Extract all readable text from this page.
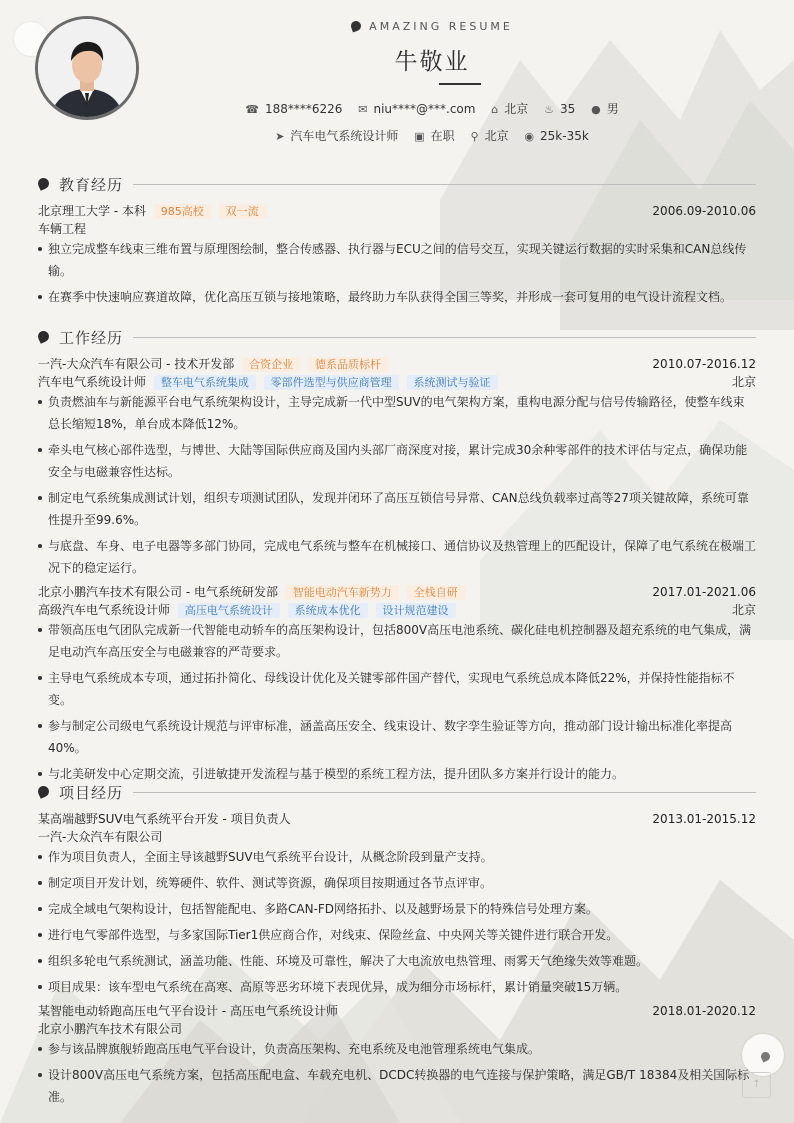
AMAZING RESUME
牛敬业
☎ 188****6226 ✉ niu****@***.com ⌂ 北京 ♨ 35 ● 男
➤ 汽车电气系统设计师 ▣ 在职 ⚲ 北京 ◉ 25k-35k
教育经历
北京理工大学 - 本科 985高校 双一流	2006.09-2010.06
车辆工程
独立完成整车线束三维布置与原理图绘制，整合传感器、执行器与ECU之间的信号交互，实现关键运行数据的实时采集和CAN总线传输。
在赛季中快速响应赛道故障，优化高压互锁与接地策略，最终助力车队获得全国三等奖，并形成一套可复用的电气设计流程文档。
工作经历
一汽-大众汽车有限公司 - 技术开发部 合资企业 德系品质标杆	2010.07-2016.12
汽车电气系统设计师 整车电气系统集成 零部件选型与供应商管理 系统测试与验证	北京
负责燃油车与新能源平台电气系统架构设计，主导完成新一代中型SUV的电气架构方案，重构电源分配与信号传输路径，使整车线束总长缩短18%，单台成本降低12%。
牵头电气核心部件选型，与博世、大陆等国际供应商及国内头部厂商深度对接，累计完成30余种零部件的技术评估与定点，确保功能安全与电磁兼容性达标。
制定电气系统集成测试计划，组织专项测试团队，发现并闭环了高压互锁信号异常、CAN总线负载率过高等27项关键故障，系统可靠性提升至99.6%。
与底盘、车身、电子电器等多部门协同，完成电气系统与整车在机械接口、通信协议及热管理上的匹配设计，保障了电气系统在极端工况下的稳定运行。
北京小鹏汽车技术有限公司 - 电气系统研发部 智能电动汽车新势力 全栈自研	2017.01-2021.06
高级汽车电气系统设计师 高压电气系统设计 系统成本优化 设计规范建设	北京
带领高压电气团队完成新一代智能电动轿车的高压架构设计，包括800V高压电池系统、碳化硅电机控制器及超充系统的电气集成，满足电动汽车高压安全与电磁兼容的严苛要求。
主导电气系统成本专项，通过拓扑简化、母线设计优化及关键零部件国产替代，实现电气系统总成本降低22%，并保持性能指标不变。
参与制定公司级电气系统设计规范与评审标准，涵盖高压安全、线束设计、数字孪生验证等方向，推动部门设计输出标准化率提高40%。
与北美研发中心定期交流，引进敏捷开发流程与基于模型的系统工程方法，提升团队多方案并行设计的能力。
项目经历
某高端越野SUV电气系统平台开发 - 项目负责人	2013.01-2015.12
一汽-大众汽车有限公司
作为项目负责人，全面主导该越野SUV电气系统平台设计，从概念阶段到量产支持。
制定项目开发计划，统筹硬件、软件、测试等资源，确保项目按期通过各节点评审。
完成全域电气架构设计，包括智能配电、多路CAN-FD网络拓扑、以及越野场景下的特殊信号处理方案。
进行电气零部件选型，与多家国际Tier1供应商合作，对线束、保险丝盒、中央网关等关键件进行联合开发。
组织多轮电气系统测试，涵盖功能、性能、环境及可靠性，解决了大电流放电热管理、雨雾天气绝缘失效等难题。
项目成果：该车型电气系统在高寒、高原等恶劣环境下表现优异，成为细分市场标杆，累计销量突破15万辆。
某智能电动轿跑高压电气平台设计 - 高压电气系统设计师	2018.01-2020.12
北京小鹏汽车技术有限公司
参与该品牌旗舰轿跑高压电气平台设计，负责高压架构、充电系统及电池管理系统电气集成。
设计800V高压电气系统方案，包括高压配电盒、车载充电机、DCDC转换器的电气连接与保护策略，满足GB/T 18384及相关国际标准。
↑
